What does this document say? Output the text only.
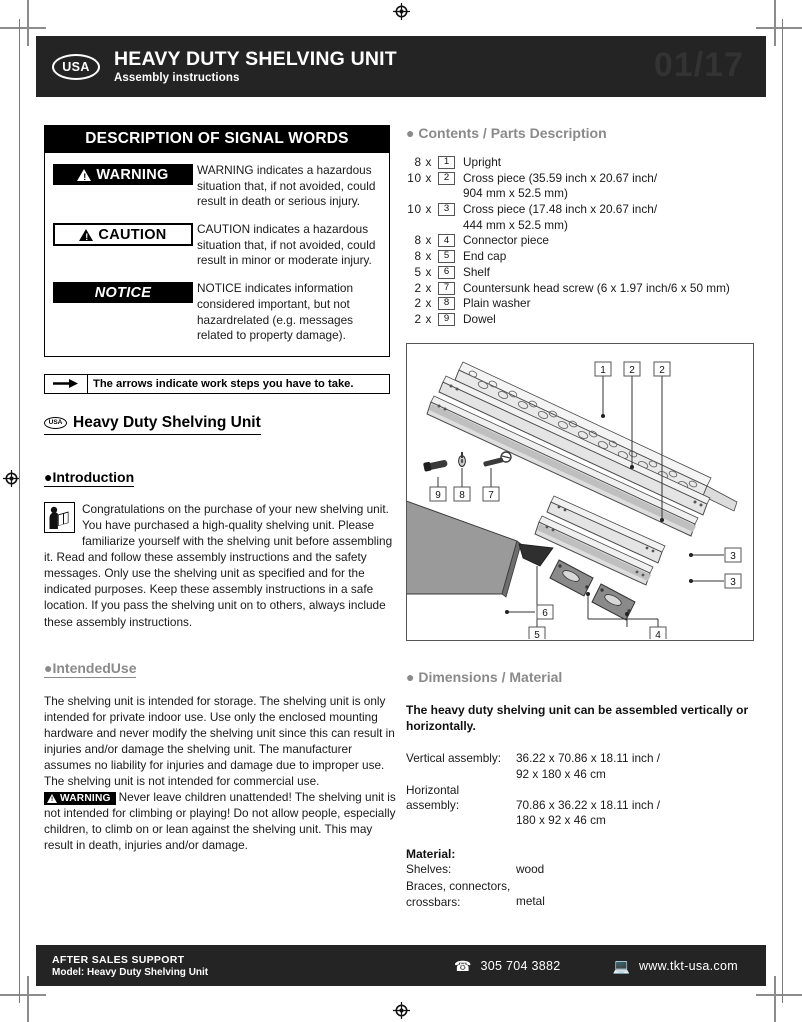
USA HEAVY DUTY SHELVING UNIT
Assembly instructions	01/17
DESCRIPTION OF SIGNAL WORDS
! WARNING	WARNING indicates a hazardous situation that, if not avoided, could result in death or serious injury.
! CAUTION	CAUTION indicates a hazardous situation that, if not avoided, could result in minor or moderate injury.
NOTICE	NOTICE indicates information considered important, but not hazardrelated (e.g. messages related to property damage).
The arrows indicate work steps you have to take.
USA Heavy Duty Shelving Unit
●Introduction
Congratulations on the purchase of your new shelving unit. You have purchased a high-quality shelving unit. Please familiarize yourself with the shelving unit before assembling it. Read and follow these assembly instructions and the safety messages. Only use the shelving unit as specified and for the indicated purposes. Keep these assembly instructions in a safe location. If you pass the shelving unit on to others, always include these assembly instructions.
●IntendedUse
The shelving unit is intended for storage. The shelving unit is only intended for private indoor use. Use only the enclosed mounting hardware and never modify the shelving unit since this can result in injuries and/or damage the shelving unit. The manufacturer assumes no liability for injuries and damage due to improper use. The shelving unit is not intended for commercial use.
! WARNING Never leave children unattended! The shelving unit is not intended for climbing or playing! Do not allow people, especially children, to climb on or lean against the shelving unit. This may result in death, injuries and/or damage.
● Contents / Parts Description
8 x	1	Upright
10 x	2	Cross piece (35.59 inch x 20.67 inch/
904 mm x 52.5 mm)
10 x	3	Cross piece (17.48 inch x 20.67 inch/
444 mm x 52.5 mm)
8 x	4	Connector piece
8 x	5	End cap
5 x	6	Shelf
2 x	7	Countersunk head screw (6 x 1.97 inch/6 x 50 mm)
2 x	8	Plain washer
2 x	9	Dowel
1 2 2
3
3
4
5
6
7
8
9
● Dimensions / Material
The heavy duty shelving unit can be assembled vertically or horizontally.
Vertical assembly:	36.22 x 70.86 x 18.11 inch /
92 x 180 x 46 cm
Horizontal
assembly:	70.86 x 36.22 x 18.11 inch /
180 x 92 x 46 cm
Material:
Shelves:	wood
Braces, connectors,
crossbars:	metal
AFTER SALES SUPPORT
Model: Heavy Duty Shelving Unit	☎ 305 704 3882	💻 www.tkt-usa.com
